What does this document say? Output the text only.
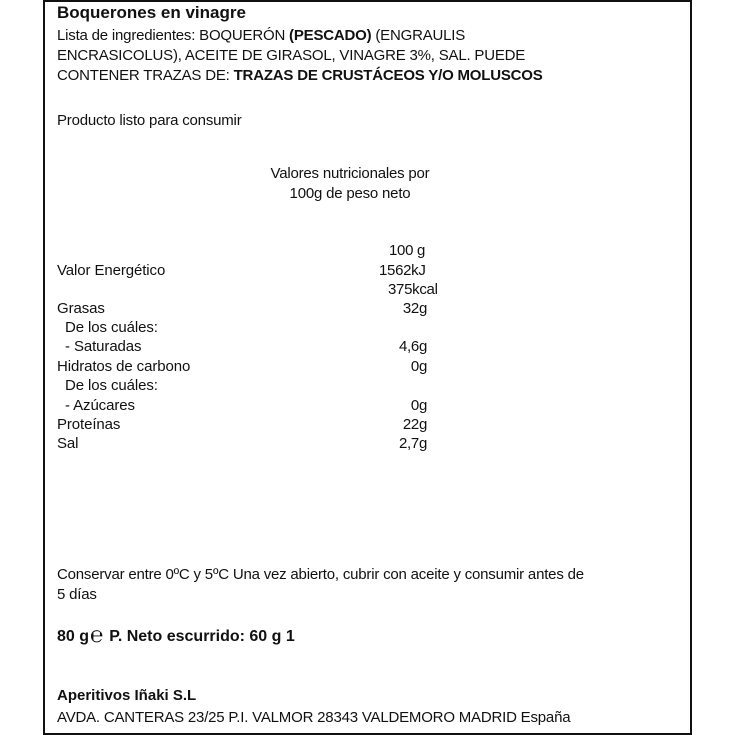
Boquerones en vinagre
Lista de ingredientes: BOQUERÓN (PESCADO) (ENGRAULIS
ENCRASICOLUS), ACEITE DE GIRASOL, VINAGRE 3%, SAL. PUEDE
CONTENER TRAZAS DE: TRAZAS DE CRUSTÁCEOS Y/O MOLUSCOS
Producto listo para consumir
Valores nutricionales por
100g de peso neto
100 g
Valor Energético	1562kJ
375kcal
Grasas	32g
De los cuáles:
- Saturadas	4,6g
Hidratos de carbono	0g
De los cuáles:
- Azúcares	0g
Proteínas	22g
Sal	2,7g
Conservar entre 0ºC y 5ºC Una vez abierto, cubrir con aceite y consumir antes de
5 días
80 g℮ P. Neto escurrido: 60 g 1
Aperitivos Iñaki S.L
AVDA. CANTERAS 23/25 P.I. VALMOR 28343 VALDEMORO MADRID España
